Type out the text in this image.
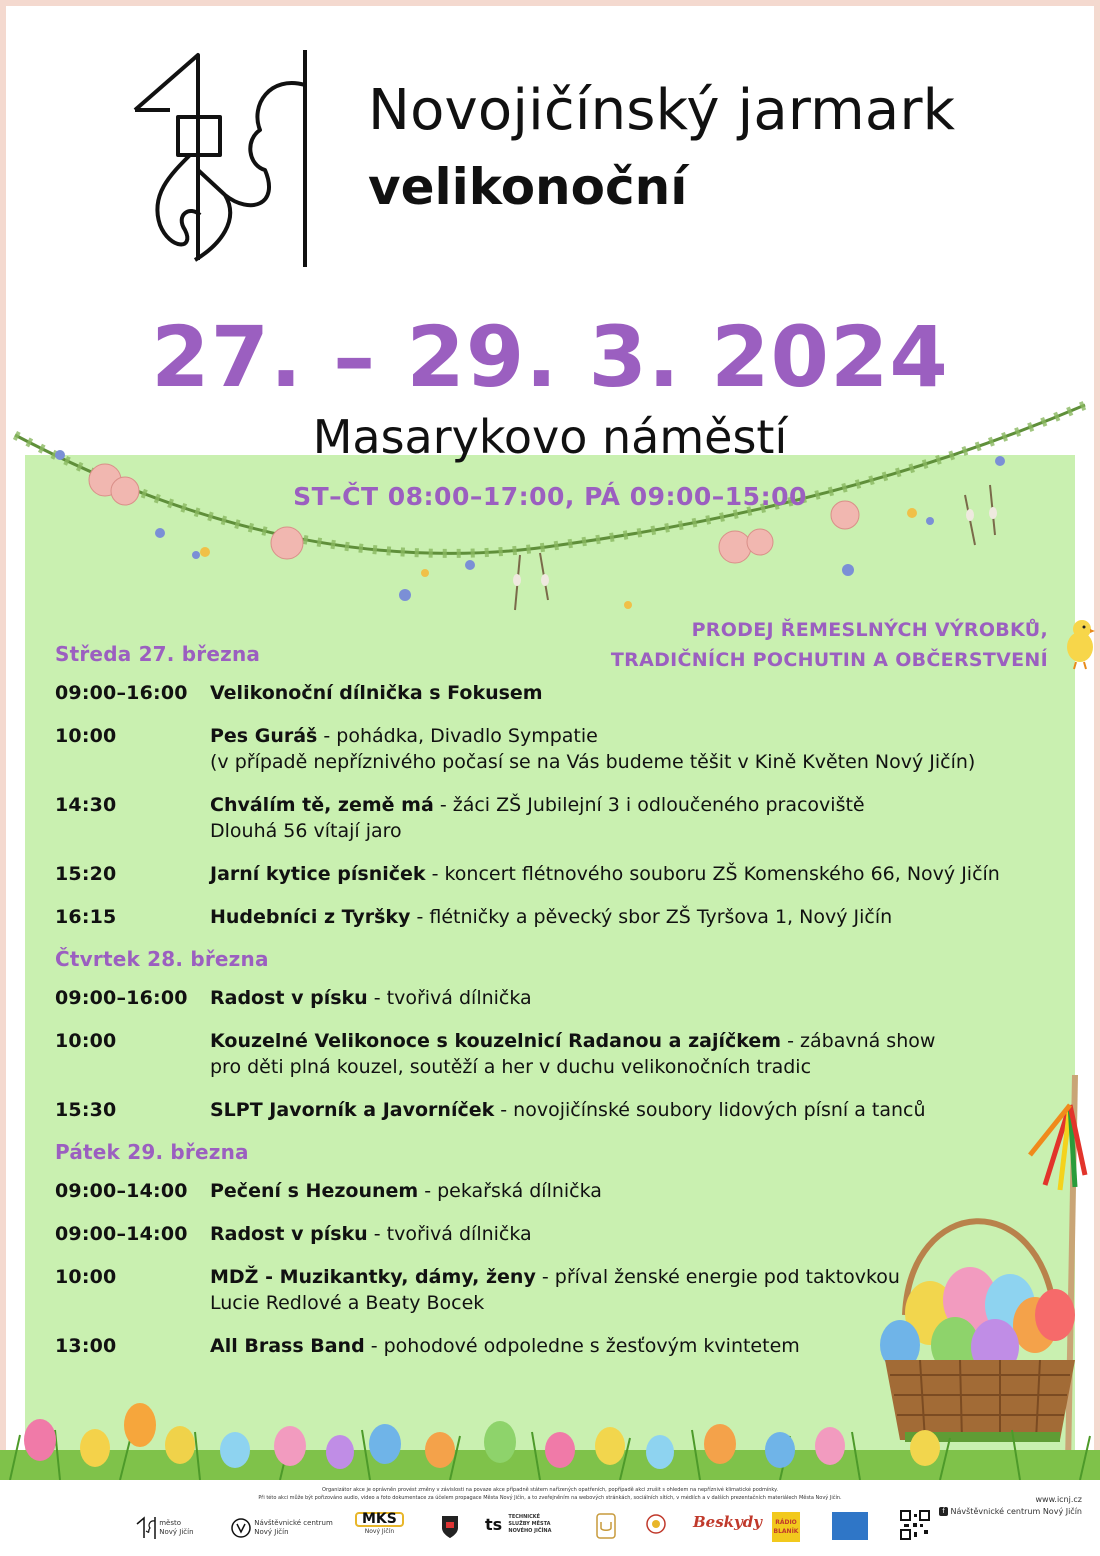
Novojičínský jarmark
velikonoční
27. – 29. 3. 2024
Masarykovo náměstí
ST–ČT 08:00–17:00, PÁ 09:00–15:00
PRODEJ ŘEMESLNÝCH VÝROBKŮ,
TRADIČNÍCH POCHUTIN A OBČERSTVENÍ
Středa 27. března
09:00–16:00 Velikonoční dílnička s Fokusem
10:00	Pes Guráš - pohádka, Divadlo Sympatie
(v případě nepříznivého počasí se na Vás budeme těšit v Kině Květen Nový Jičín)
14:30	Chválím tě, země má - žáci ZŠ Jubilejní 3 i odloučeného pracoviště
Dlouhá 56 vítají jaro
15:20	Jarní kytice písniček - koncert flétnového souboru ZŠ Komenského 66, Nový Jičín
16:15	Hudebníci z Tyršky - flétničky a pěvecký sbor ZŠ Tyršova 1, Nový Jičín
Čtvrtek 28. března
09:00–16:00 Radost v písku - tvořivá dílnička
10:00	Kouzelné Velikonoce s kouzelnicí Radanou a zajíčkem - zábavná show
pro děti plná kouzel, soutěží a her v duchu velikonočních tradic
15:30	SLPT Javorník a Javorníček - novojičínské soubory lidových písní a tanců
Pátek 29. března
09:00–14:00 Pečení s Hezounem - pekařská dílnička
09:00–14:00 Radost v písku - tvořivá dílnička
10:00	MDŽ - Muzikantky, dámy, ženy - příval ženské energie pod taktovkou
Lucie Redlové a Beaty Bocek
13:00	All Brass Band - pohodové odpoledne s žesťovým kvintetem
Organizátor akce je oprávněn provést změny v závislosti na povaze akce případně státem nařízených opatřeních, popřípadě akci zrušit s ohledem na nepříznivé klimatické podmínky.
Při této akci může být pořizováno audio, video a foto dokumentace za účelem propagace Města Nový Jičín, a to zveřejněním na webových stránkách, sociálních sítích, v médiích a v dalších prezentačních materiálech Města Nový Jičín.
město
Nový Jičín
Návštěvnické centrum
Nový Jičín
MKS
Nový Jičín	ts TECHNICKÉ
SLUŽBY MĚSTA
NOVÉHO JIČÍNA	Beskydy	RÁDIO
BLANÍK
www.icnj.cz
f Návštěvnické centrum Nový Jičín
